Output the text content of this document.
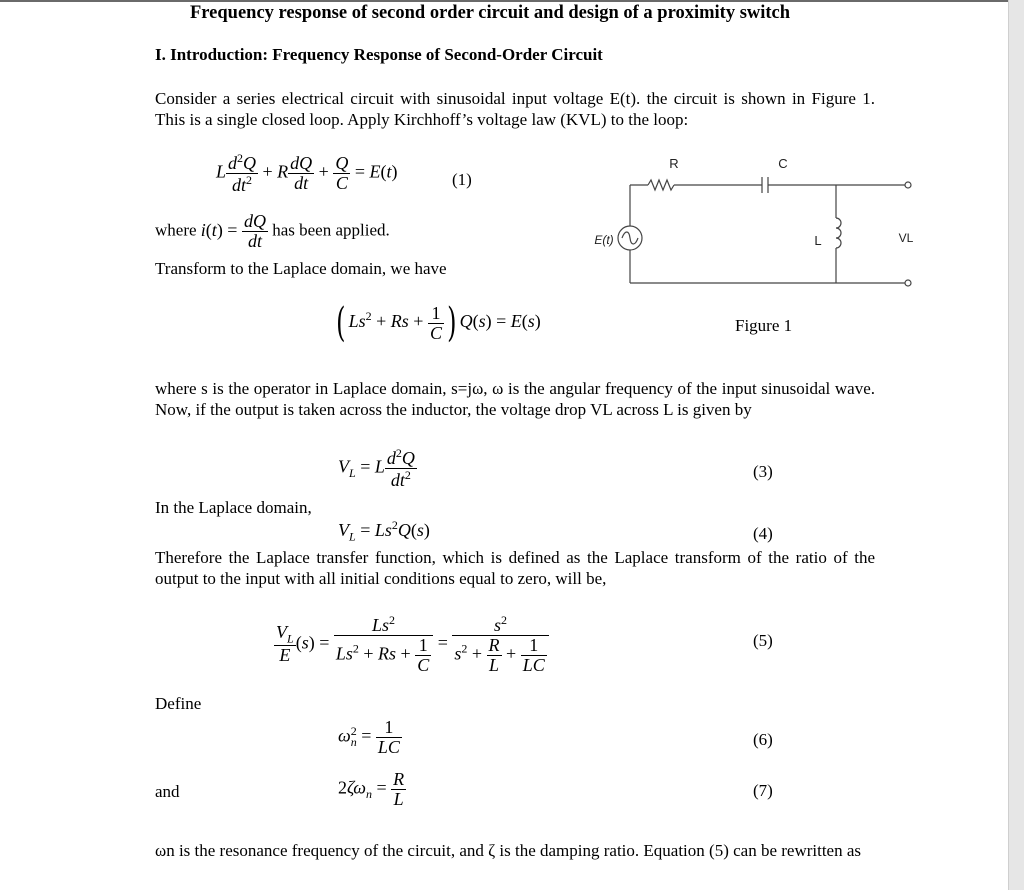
Frequency response of second order circuit and design of a proximity switch
I. Introduction: Frequency Response of Second-Order Circuit
Consider a series electrical circuit with sinusoidal input voltage E(t). the circuit is shown in Figure 1. This is a single closed loop. Apply Kirchhoff’s voltage law (KVL) to the loop:
L $\frac{d^2Q}{dt^2} + R \frac{dQ}{dt} + \frac{Q}{C} = E(t)$	(1)
where $i(t) = \frac{dQ}{dt}$ has been applied.
Transform to the Laplace domain, we have
( $Ls^2 + Rs + \frac{1}{C}$ ) Q(s) = E(s)
R	C
L
E(t)	VL
Figure 1
where s is the operator in Laplace domain, s=jω, ω is the angular frequency of the input sinusoidal wave. Now, if the output is taken across the inductor, the voltage drop VL across L is given by
$V_L = L \frac{d^2Q}{dt^2}$	(3)
In the Laplace domain,
$V_L = Ls^2Q(s)$	(4)
Therefore the Laplace transfer function, which is defined as the Laplace transform of the ratio of the output to the input with all initial conditions equal to zero, will be,
$\frac{V_L}{E} (s) = \frac{Ls^2}{Ls^2 + Rs + \frac{1}{C}} = \frac{s^2}{s^2 + \frac{R}{L} + \frac{1}{LC}}$	(5)
Define
$\omega_n^2 = \frac{1}{LC}$	(6)
and	$2\zeta\omega_n = \frac{R}{L}$	(7)
ωn is the resonance frequency of the circuit, and ζ is the damping ratio. Equation (5) can be rewritten as
